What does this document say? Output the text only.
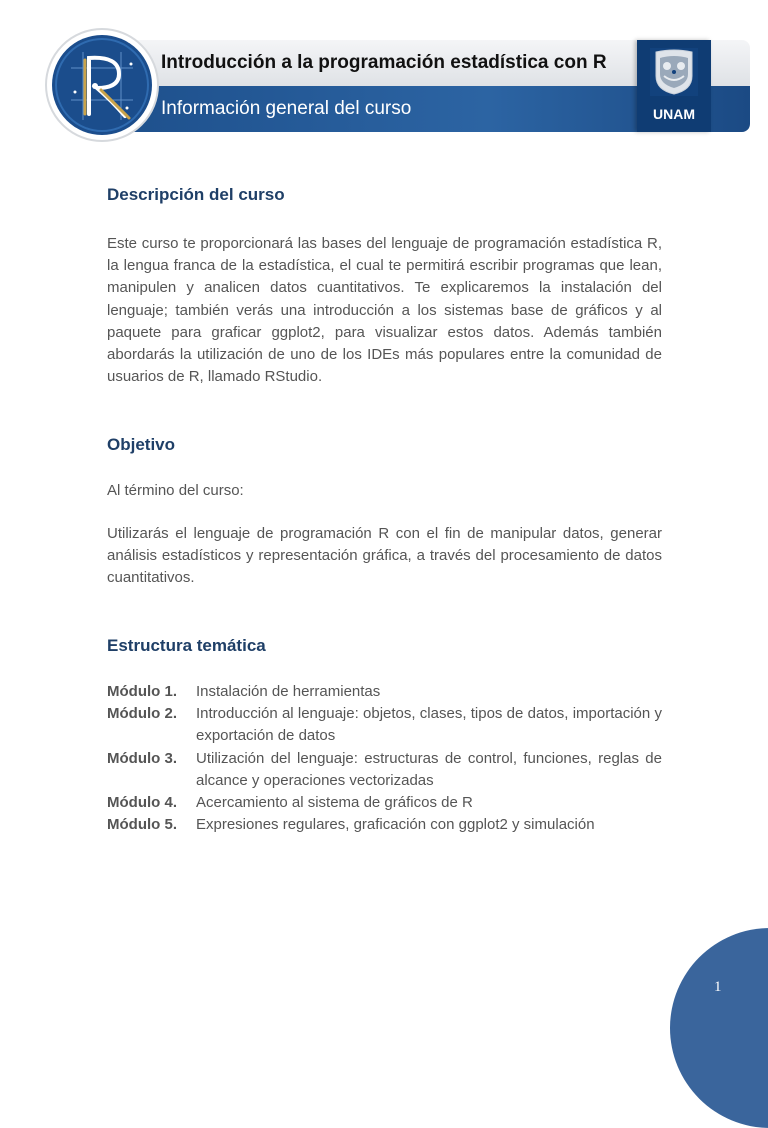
Introducción a la programación estadística con R
Información general del curso
R
UNAM
Descripción del curso

Este curso te proporcionará las bases del lenguaje de programación estadística R, la lengua franca de la estadística, el cual te permitirá escribir programas que lean, manipulen y analicen datos cuantitativos. Te explicaremos la instalación del lenguaje; también verás una introducción a los sistemas base de gráficos y al paquete para graficar ggplot2, para visualizar estos datos. Además también abordarás la utilización de uno de los IDEs más populares entre la comunidad de usuarios de R, llamado RStudio.

Objetivo

Al término del curso:

Utilizarás el lenguaje de programación R con el fin de manipular datos, generar análisis estadísticos y representación gráfica, a través del procesamiento de datos cuantitativos.

Estructura temática
Módulo 1.	Instalación de herramientas
Módulo 2.	Introducción al lenguaje: objetos, clases, tipos de datos, importación y exportación de datos
Módulo 3.	Utilización del lenguaje: estructuras de control, funciones, reglas de alcance y operaciones vectorizadas
Módulo 4.	Acercamiento al sistema de gráficos de R
Módulo 5.	Expresiones regulares, graficación con ggplot2 y simulación
1
